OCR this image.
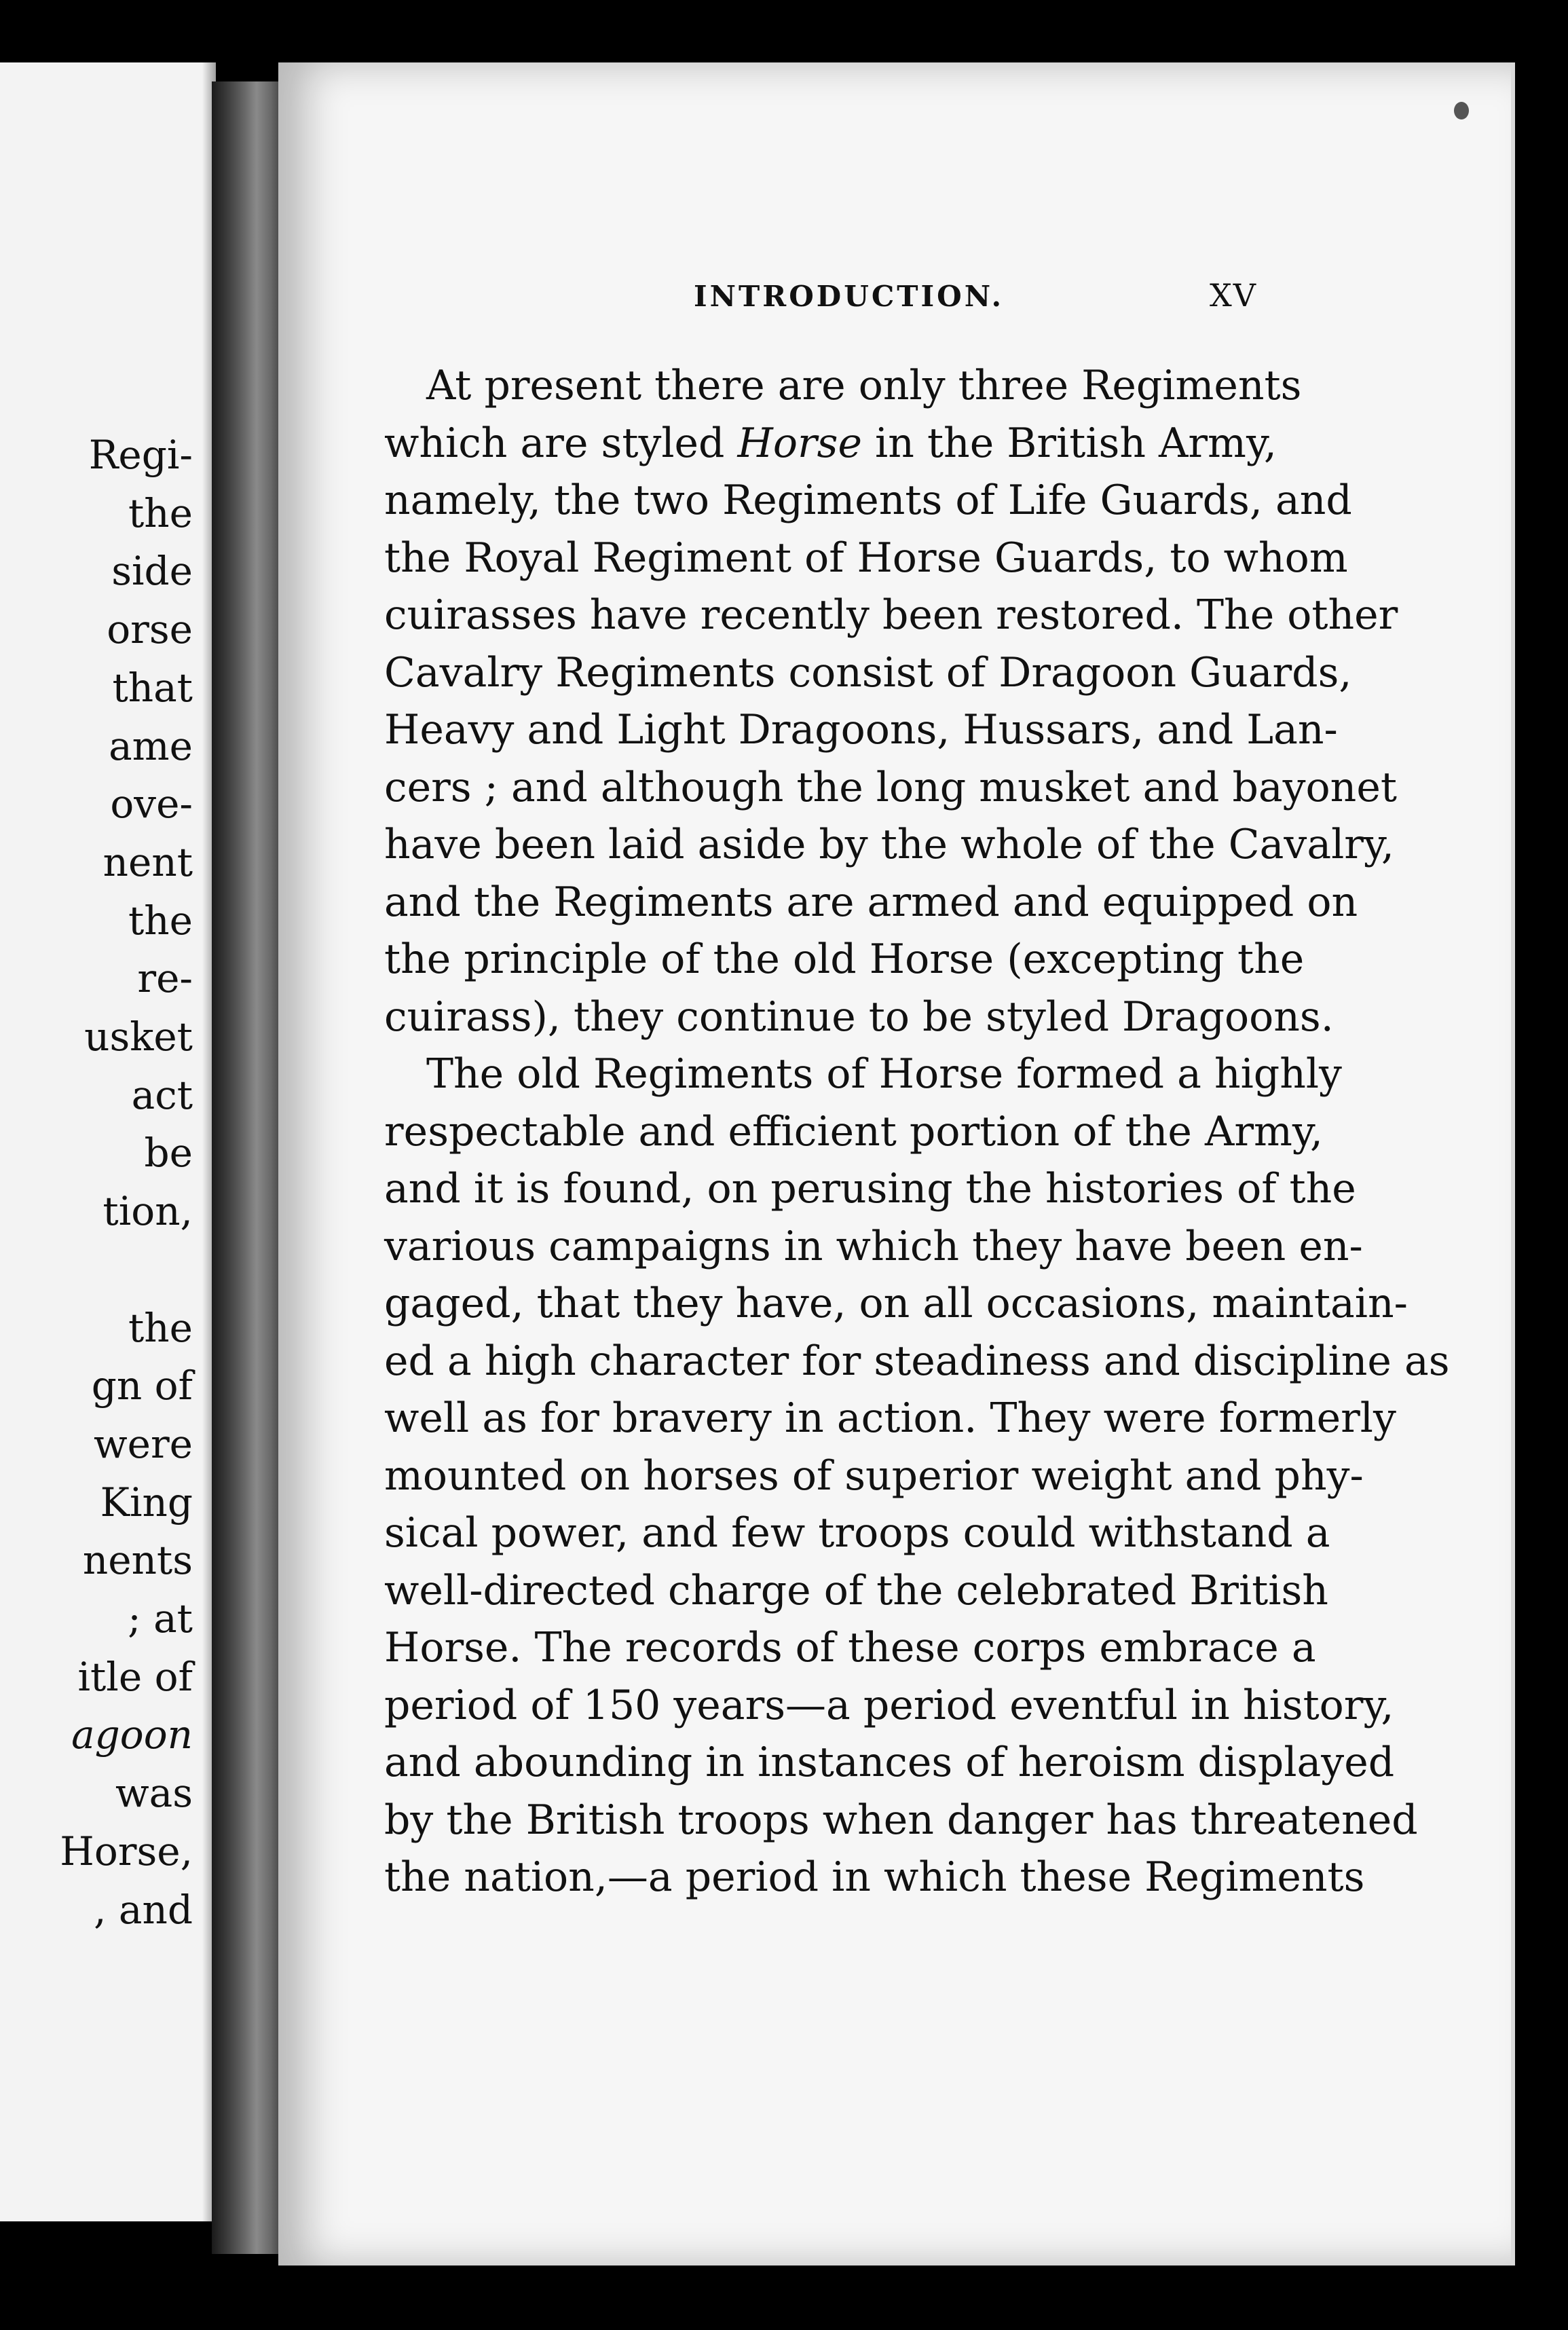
Regi-
the
side
orse
that
ame
ove-
nent
the
re-
usket
act
be
tion,

the
gn of
were
King
nents
; at
itle of
agoon
was
Horse,
, and
INTRODUCTION.	XV
At present there are only three Regiments
which are styled Horse in the British Army,
namely, the two Regiments of Life Guards, and
the Royal Regiment of Horse Guards, to whom
cuirasses have recently been restored. The other
Cavalry Regiments consist of Dragoon Guards,
Heavy and Light Dragoons, Hussars, and Lan-
cers ; and although the long musket and bayonet
have been laid aside by the whole of the Cavalry,
and the Regiments are armed and equipped on
the principle of the old Horse (excepting the
cuirass), they continue to be styled Dragoons.
The old Regiments of Horse formed a highly
respectable and efficient portion of the Army,
and it is found, on perusing the histories of the
various campaigns in which they have been en-
gaged, that they have, on all occasions, maintain-
ed a high character for steadiness and discipline as
well as for bravery in action. They were formerly
mounted on horses of superior weight and phy-
sical power, and few troops could withstand a
well-directed charge of the celebrated British
Horse. The records of these corps embrace a
period of 150 years—a period eventful in history,
and abounding in instances of heroism displayed
by the British troops when danger has threatened
the nation,—a period in which these Regiments
